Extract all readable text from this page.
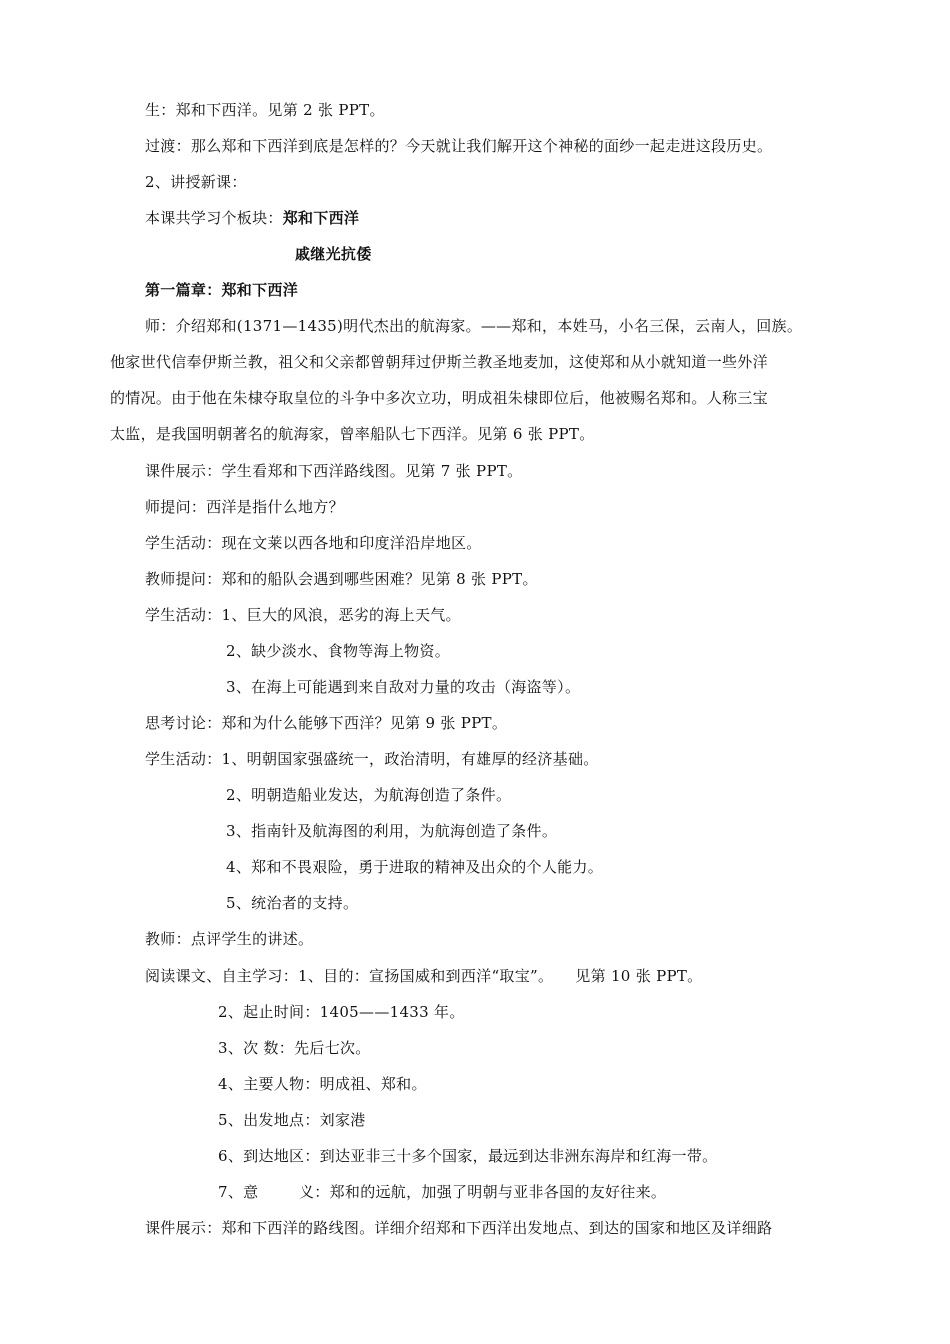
生：郑和下西洋。见第 2 张 PPT。
过渡：那么郑和下西洋到底是怎样的？今天就让我们解开这个神秘的面纱一起走进这段历史。
2、讲授新课：
本课共学习个板块：郑和下西洋
戚继光抗倭
第一篇章：郑和下西洋
师：介绍郑和(1371—1435)明代杰出的航海家。——郑和，本姓马，小名三保，云南人，回族。
他家世代信奉伊斯兰教，祖父和父亲都曾朝拜过伊斯兰教圣地麦加，这使郑和从小就知道一些外洋
的情况。由于他在朱棣夺取皇位的斗争中多次立功，明成祖朱棣即位后，他被赐名郑和。人称三宝
太监，是我国明朝著名的航海家，曾率船队七下西洋。见第 6 张 PPT。
课件展示：学生看郑和下西洋路线图。见第 7 张 PPT。
师提问：西洋是指什么地方？
学生活动：现在文莱以西各地和印度洋沿岸地区。
教师提问：郑和的船队会遇到哪些困难？见第 8 张 PPT。
学生活动：1、巨大的风浪，恶劣的海上天气。
2、缺少淡水、食物等海上物资。
3、在海上可能遇到来自敌对力量的攻击（海盗等）。
思考讨论：郑和为什么能够下西洋？见第 9 张 PPT。
学生活动：1、明朝国家强盛统一，政治清明，有雄厚的经济基础。
2、明朝造船业发达，为航海创造了条件。
3、指南针及航海图的利用，为航海创造了条件。
4、郑和不畏艰险，勇于进取的精神及出众的个人能力。
5、统治者的支持。
教师：点评学生的讲述。
阅读课文、自主学习：1、目的：宣扬国威和到西洋“取宝”。 见第 10 张 PPT。
2、起止时间：1405——1433 年。
3、次 数：先后七次。
4、主要人物：明成祖、郑和。
5、出发地点：刘家港
6、到达地区：到达亚非三十多个国家，最远到达非洲东海岸和红海一带。
7、意        义：郑和的远航，加强了明朝与亚非各国的友好往来。
课件展示：郑和下西洋的路线图。详细介绍郑和下西洋出发地点、到达的国家和地区及详细路
